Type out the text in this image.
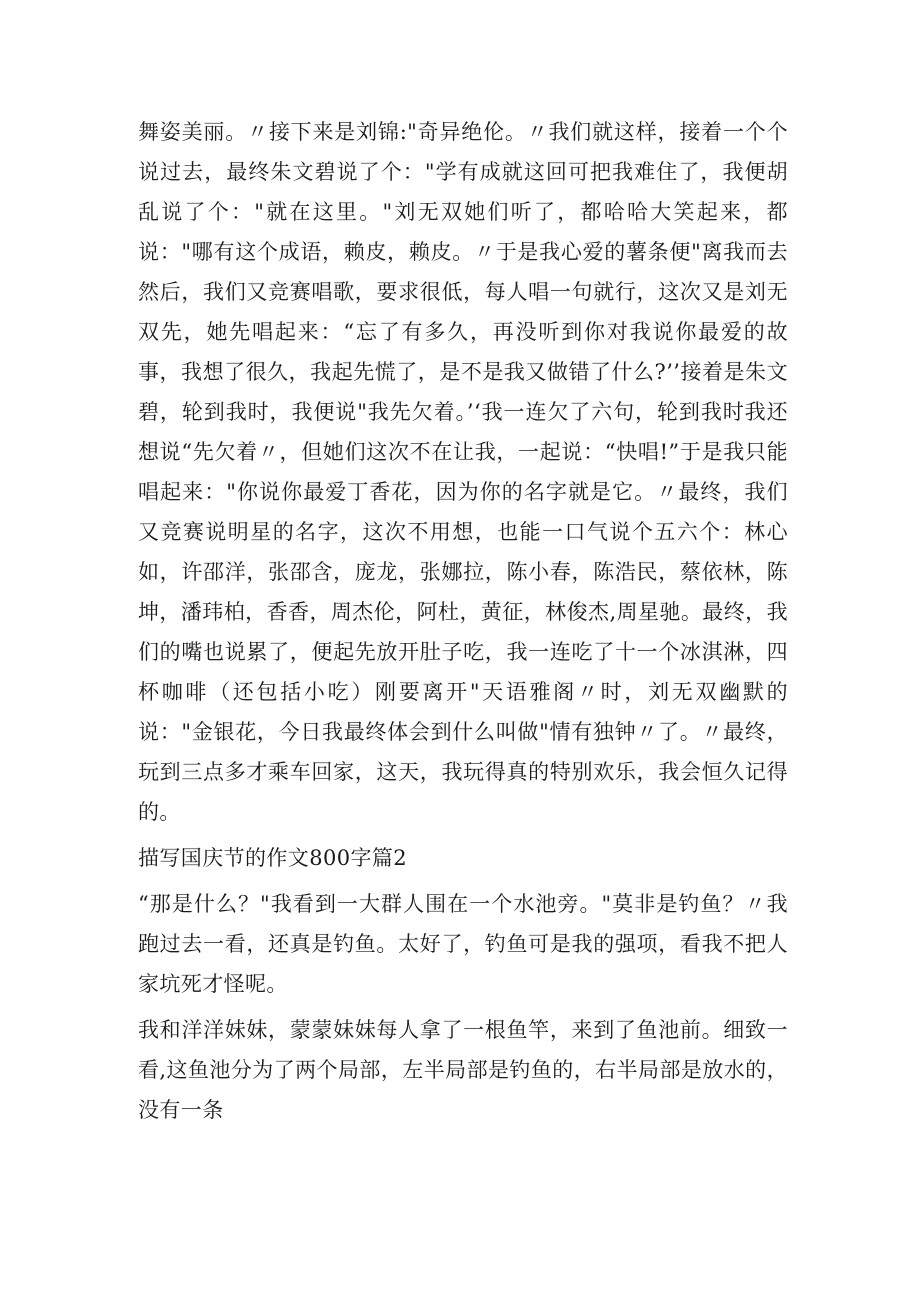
舞姿美丽。〃接下来是刘锦:"奇异绝伦。〃我们就这样，接着一个个说过去，最终朱文碧说了个："学有成就这回可把我难住了，我便胡乱说了个："就在这里。"刘无双她们听了，都哈哈大笑起来，都说："哪有这个成语，赖皮，赖皮。〃于是我心爱的薯条便"离我而去然后，我们又竞赛唱歌，要求很低，每人唱一句就行，这次又是刘无双先，她先唱起来：“忘了有多久，再没听到你对我说你最爱的故事，我想了很久，我起先慌了，是不是我又做错了什么?’’接着是朱文碧，轮到我时，我便说"我先欠着。’‘我一连欠了六句，轮到我时我还想说“先欠着〃，但她们这次不在让我，一起说：“快唱!”于是我只能唱起来："你说你最爱丁香花，因为你的名字就是它。〃最终，我们又竞赛说明星的名字，这次不用想，也能一口气说个五六个：林心如，许邵洋，张邵含，庞龙，张娜拉，陈小春，陈浩民，蔡依林，陈坤，潘玮柏，香香，周杰伦，阿杜，黄征，林俊杰,周星驰。最终，我们的嘴也说累了，便起先放开肚子吃，我一连吃了十一个冰淇淋，四杯咖啡（还包括小吃）刚要离开"天语雅阁〃时，刘无双幽默的说："金银花，今日我最终体会到什么叫做"情有独钟〃了。〃最终，玩到三点多才乘车回家，这天，我玩得真的特别欢乐，我会恒久记得的。

描写国庆节的作文800字篇2

“那是什么？"我看到一大群人围在一个水池旁。"莫非是钓鱼？〃我跑过去一看，还真是钓鱼。太好了，钓鱼可是我的强项，看我不把人家坑死才怪呢。

我和洋洋妹妹，蒙蒙妹妹每人拿了一根鱼竿，来到了鱼池前。细致一看,这鱼池分为了两个局部，左半局部是钓鱼的，右半局部是放水的，没有一条
